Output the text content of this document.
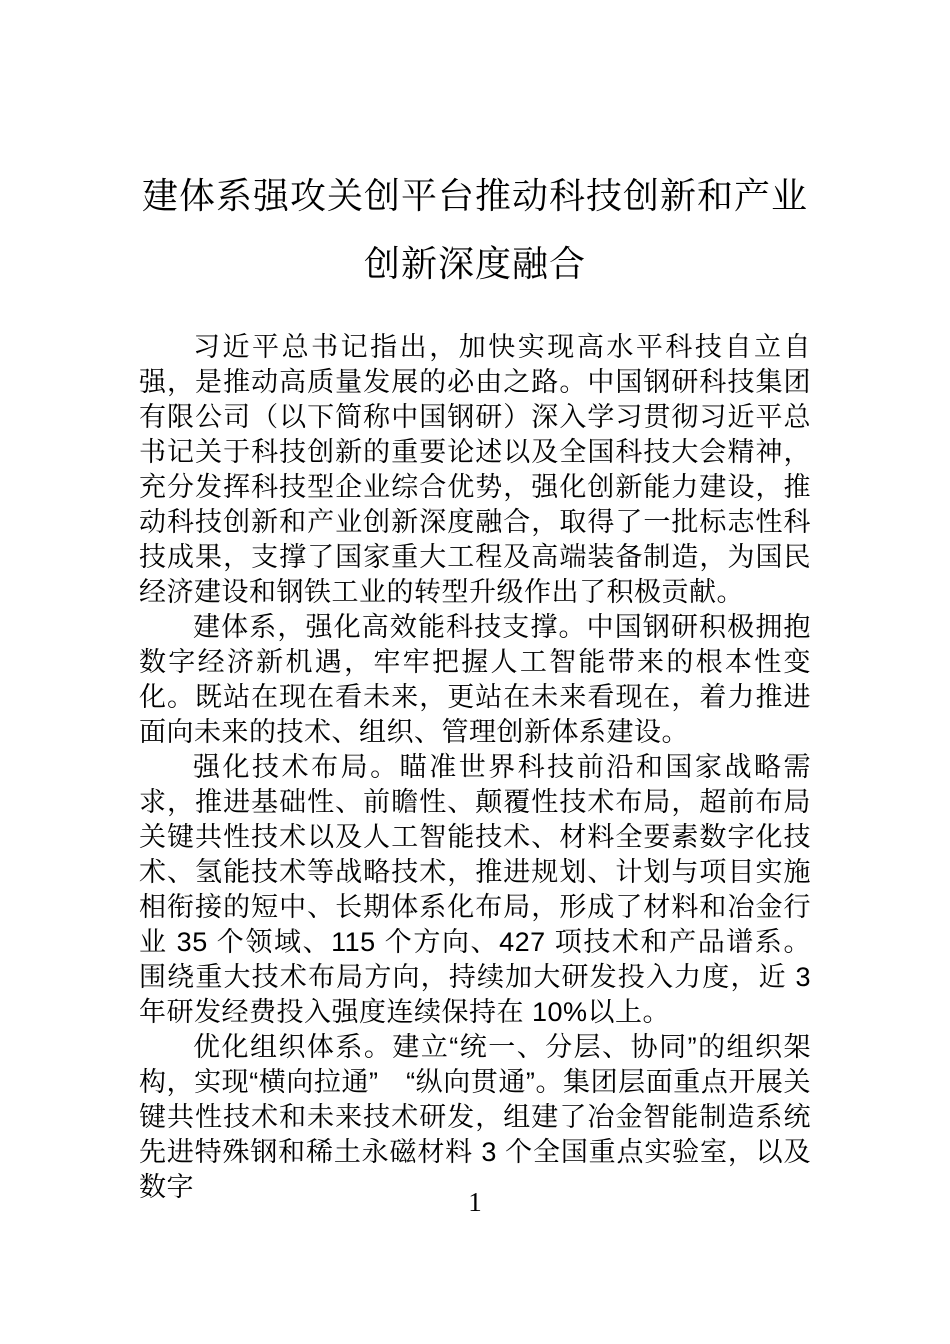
建体系强攻关创平台推动科技创新和产业
创新深度融合

习近平总书记指出，加快实现高水平科技自立自强，是推动高质量发展的必由之路。中国钢研科技集团有限公司（以下简称中国钢研）深入学习贯彻习近平总书记关于科技创新的重要论述以及全国科技大会精神，充分发挥科技型企业综合优势，强化创新能力建设，推动科技创新和产业创新深度融合，取得了一批标志性科技成果，支撑了国家重大工程及高端装备制造，为国民经济建设和钢铁工业的转型升级作出了积极贡献。

建体系，强化高效能科技支撑。中国钢研积极拥抱数字经济新机遇，牢牢把握人工智能带来的根本性变化。既站在现在看未来，更站在未来看现在，着力推进面向未来的技术、组织、管理创新体系建设。

强化技术布局。瞄准世界科技前沿和国家战略需求，推进基础性、前瞻性、颠覆性技术布局，超前布局关键共性技术以及人工智能技术、材料全要素数字化技术、氢能技术等战略技术，推进规划、计划与项目实施相衔接的短中、长期体系化布局，形成了材料和冶金行业 35 个领域、115 个方向、427 项技术和产品谱系。围绕重大技术布局方向，持续加大研发投入力度，近 3 年研发经费投入强度连续保持在 10%以上。

优化组织体系。建立“统一、分层、协同”的组织架构，实现“横向拉通”　“纵向贯通”。集团层面重点开展关键共性技术和未来技术研发，组建了冶金智能制造系统先进特殊钢和稀土永磁材料 3 个全国重点实验室，以及数字	1
